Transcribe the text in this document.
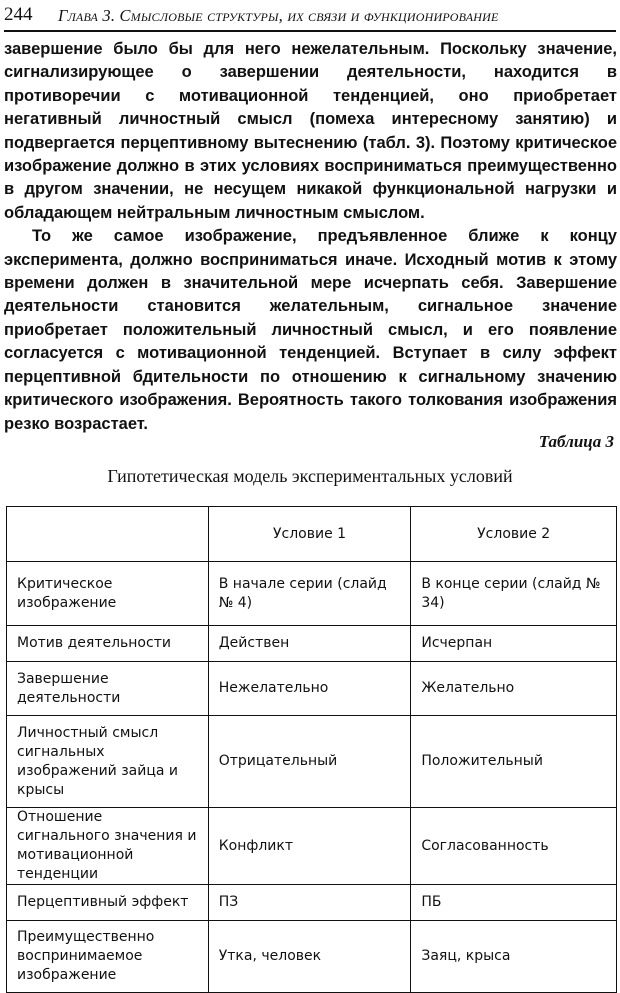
244 Глава 3. Смысловые структуры, их связи и функционирование

завершение было бы для него нежелательным. Поскольку значение, сигнализирующее о завершении деятельности, находится в противоречии с мотивационной тенденцией, оно приобретает негативный личностный смысл (помеха интересному занятию) и подвергается перцептивному вытеснению (табл. 3). Поэтому критическое изображение должно в этих условиях восприниматься преимущественно в другом значении, не несущем никакой функциональной нагрузки и обладающем нейтральным личностным смыслом.

То же самое изображение, предъявленное ближе к концу эксперимента, должно восприниматься иначе. Исходный мотив к этому времени должен в значительной мере исчерпать себя. Завершение деятельности становится желательным, сигнальное значение приобретает положительный личностный смысл, и его появление согласуется с мотивационной тенденцией. Вступает в силу эффект перцептивной бдительности по отношению к сигнальному значению критического изображения. Вероятность такого толкования изображения резко возрастает.

Таблица 3
Гипотетическая модель экспериментальных условий
	Условие 1	Условие 2
Критическое изображение	В начале серии (слайд № 4)	В конце серии (слайд № 34)
Мотив деятельности	Действен	Исчерпан
Завершение деятельности	Нежелательно	Желательно
Личностный смысл сигнальных изображений зайца и крысы	Отрицательный	Положительный
Отношение сигнального значения и мотивационной тенденции	Конфликт	Согласованность
Перцептивный эффект	ПЗ	ПБ
Преимущественно воспринимаемое изображение	Утка, человек	Заяц, крыса
